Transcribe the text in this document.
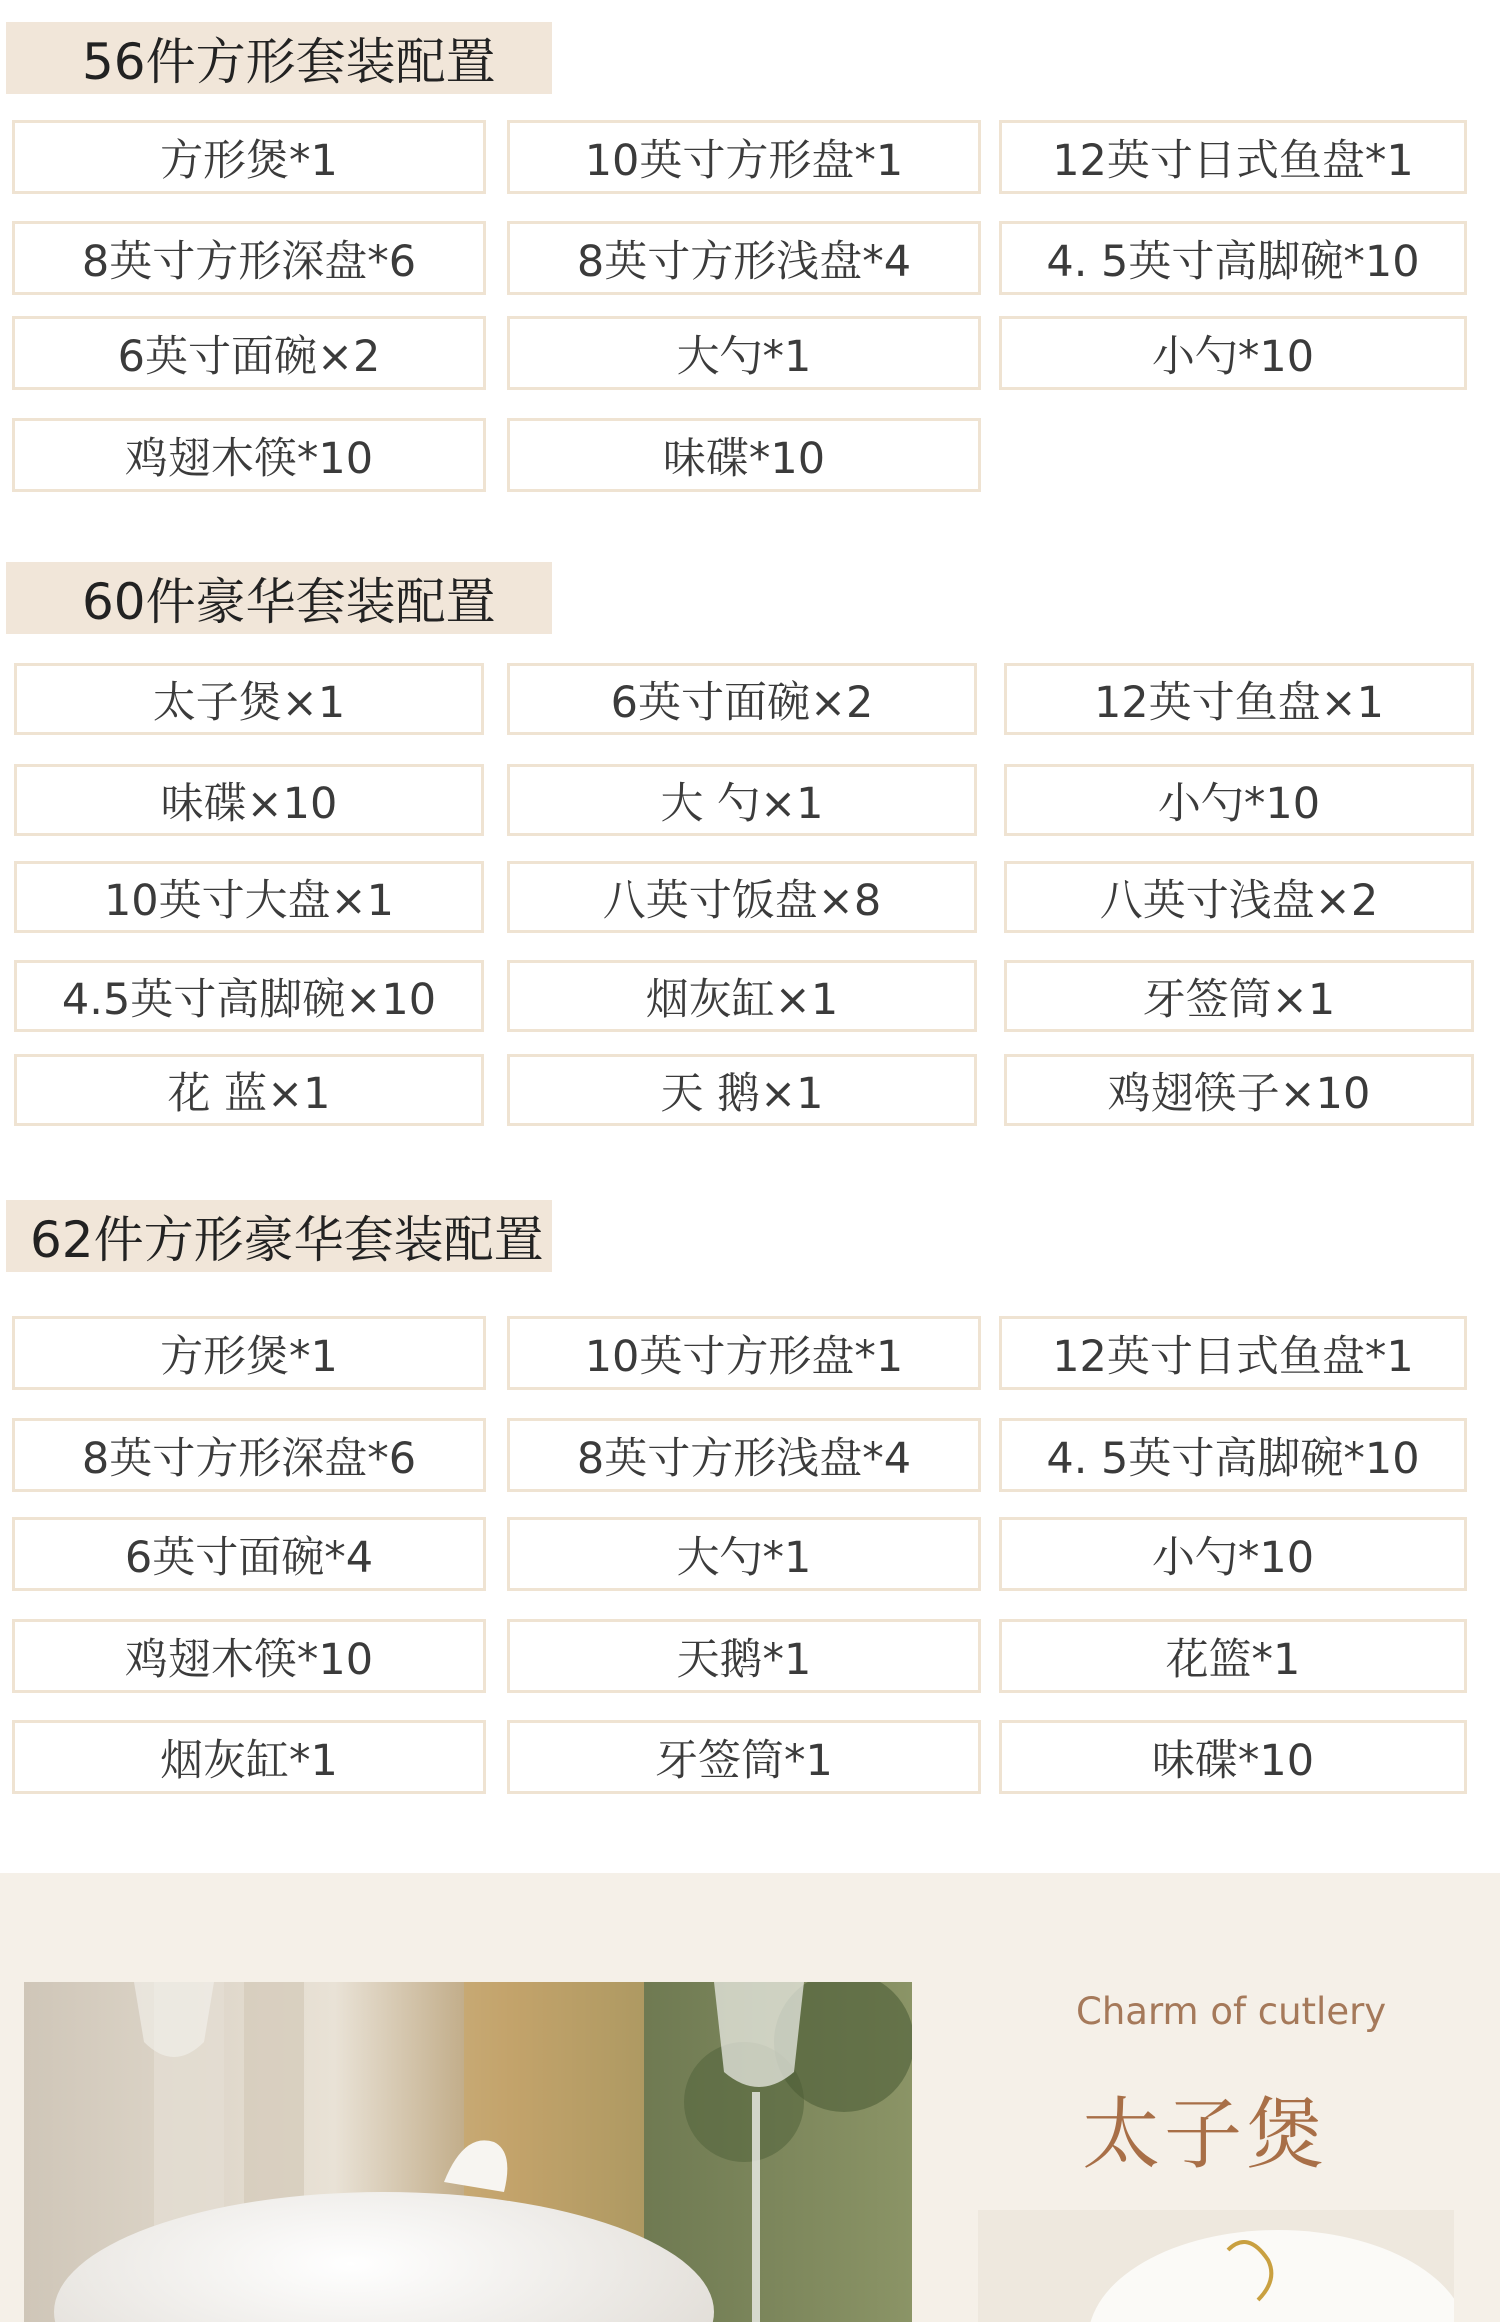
56件方形套装配置
方形煲*1	10英寸方形盘*1	12英寸日式鱼盘*1
8英寸方形深盘*6	8英寸方形浅盘*4	4. 5英寸高脚碗*10
6英寸面碗×2	大勺*1	小勺*10
鸡翅木筷*10	味碟*10
60件豪华套装配置
太子煲×1	6英寸面碗×2	12英寸鱼盘×1
味碟×10	大 勺×1	小勺*10
10英寸大盘×1	八英寸饭盘×8	八英寸浅盘×2
4.5英寸高脚碗×10	烟灰缸×1	牙签筒×1
花 蓝×1	天 鹅×1	鸡翅筷子×10
62件方形豪华套装配置
方形煲*1	10英寸方形盘*1	12英寸日式鱼盘*1
8英寸方形深盘*6	8英寸方形浅盘*4	4. 5英寸高脚碗*10
6英寸面碗*4	大勺*1	小勺*10
鸡翅木筷*10	天鹅*1	花篮*1
烟灰缸*1	牙签筒*1	味碟*10
Charm of cutlery
太子煲
